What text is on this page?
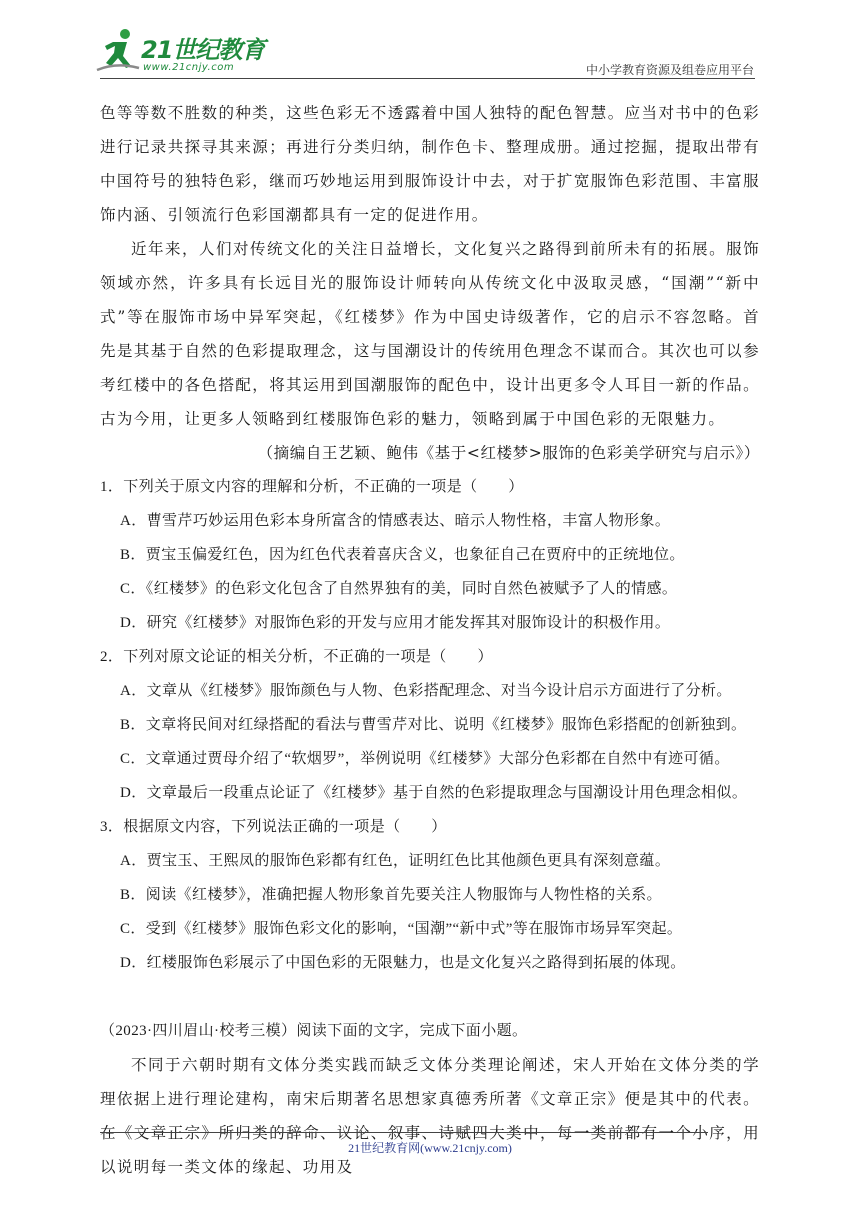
21世纪教育
www.21cnjy.com	中小学教育资源及组卷应用平台

色等等数不胜数的种类，这些色彩无不透露着中国人独特的配色智慧。应当对书中的色彩进行记录共探寻其来源；再进行分类归纳，制作色卡、整理成册。通过挖掘，提取出带有中国符号的独特色彩，继而巧妙地运用到服饰设计中去，对于扩宽服饰色彩范围、丰富服饰内涵、引领流行色彩国潮都具有一定的促进作用。

近年来，人们对传统文化的关注日益增长，文化复兴之路得到前所未有的拓展。服饰领域亦然，许多具有长远目光的服饰设计师转向从传统文化中汲取灵感，“国潮”“新中式”等在服饰市场中异军突起，《红楼梦》作为中国史诗级著作，它的启示不容忽略。首先是其基于自然的色彩提取理念，这与国潮设计的传统用色理念不谋而合。其次也可以参考红楼中的各色搭配，将其运用到国潮服饰的配色中，设计出更多令人耳目一新的作品。古为今用，让更多人领略到红楼服饰色彩的魅力，领略到属于中国色彩的无限魅力。

（摘编自王艺颖、鲍伟《基于<红楼梦>服饰的色彩美学研究与启示》）

1．下列关于原文内容的理解和分析，不正确的一项是（　　）

A．曹雪芹巧妙运用色彩本身所富含的情感表达、暗示人物性格，丰富人物形象。

B．贾宝玉偏爱红色，因为红色代表着喜庆含义，也象征自己在贾府中的正统地位。

C．《红楼梦》的色彩文化包含了自然界独有的美，同时自然色被赋予了人的情感。

D．研究《红楼梦》对服饰色彩的开发与应用才能发挥其对服饰设计的积极作用。

2．下列对原文论证的相关分析，不正确的一项是（　　）

A．文章从《红楼梦》服饰颜色与人物、色彩搭配理念、对当今设计启示方面进行了分析。

B．文章将民间对红绿搭配的看法与曹雪芹对比、说明《红楼梦》服饰色彩搭配的创新独到。

C．文章通过贾母介绍了“软烟罗”，举例说明《红楼梦》大部分色彩都在自然中有迹可循。

D．文章最后一段重点论证了《红楼梦》基于自然的色彩提取理念与国潮设计用色理念相似。

3．根据原文内容，下列说法正确的一项是（　　）

A．贾宝玉、王熙凤的服饰色彩都有红色，证明红色比其他颜色更具有深刻意蕴。

B．阅读《红楼梦》，准确把握人物形象首先要关注人物服饰与人物性格的关系。

C．受到《红楼梦》服饰色彩文化的影响，“国潮”“新中式”等在服饰市场异军突起。

D．红楼服饰色彩展示了中国色彩的无限魅力，也是文化复兴之路得到拓展的体现。

（2023·四川眉山·校考三模）阅读下面的文字，完成下面小题。

不同于六朝时期有文体分类实践而缺乏文体分类理论阐述，宋人开始在文体分类的学理依据上进行理论建构，南宋后期著名思想家真德秀所著《文章正宗》便是其中的代表。在《文章正宗》所归类的辞命、议论、叙事、诗赋四大类中，每一类前都有一个小序，用以说明每一类文体的缘起、功用及

21世纪教育网(www.21cnjy.com)
